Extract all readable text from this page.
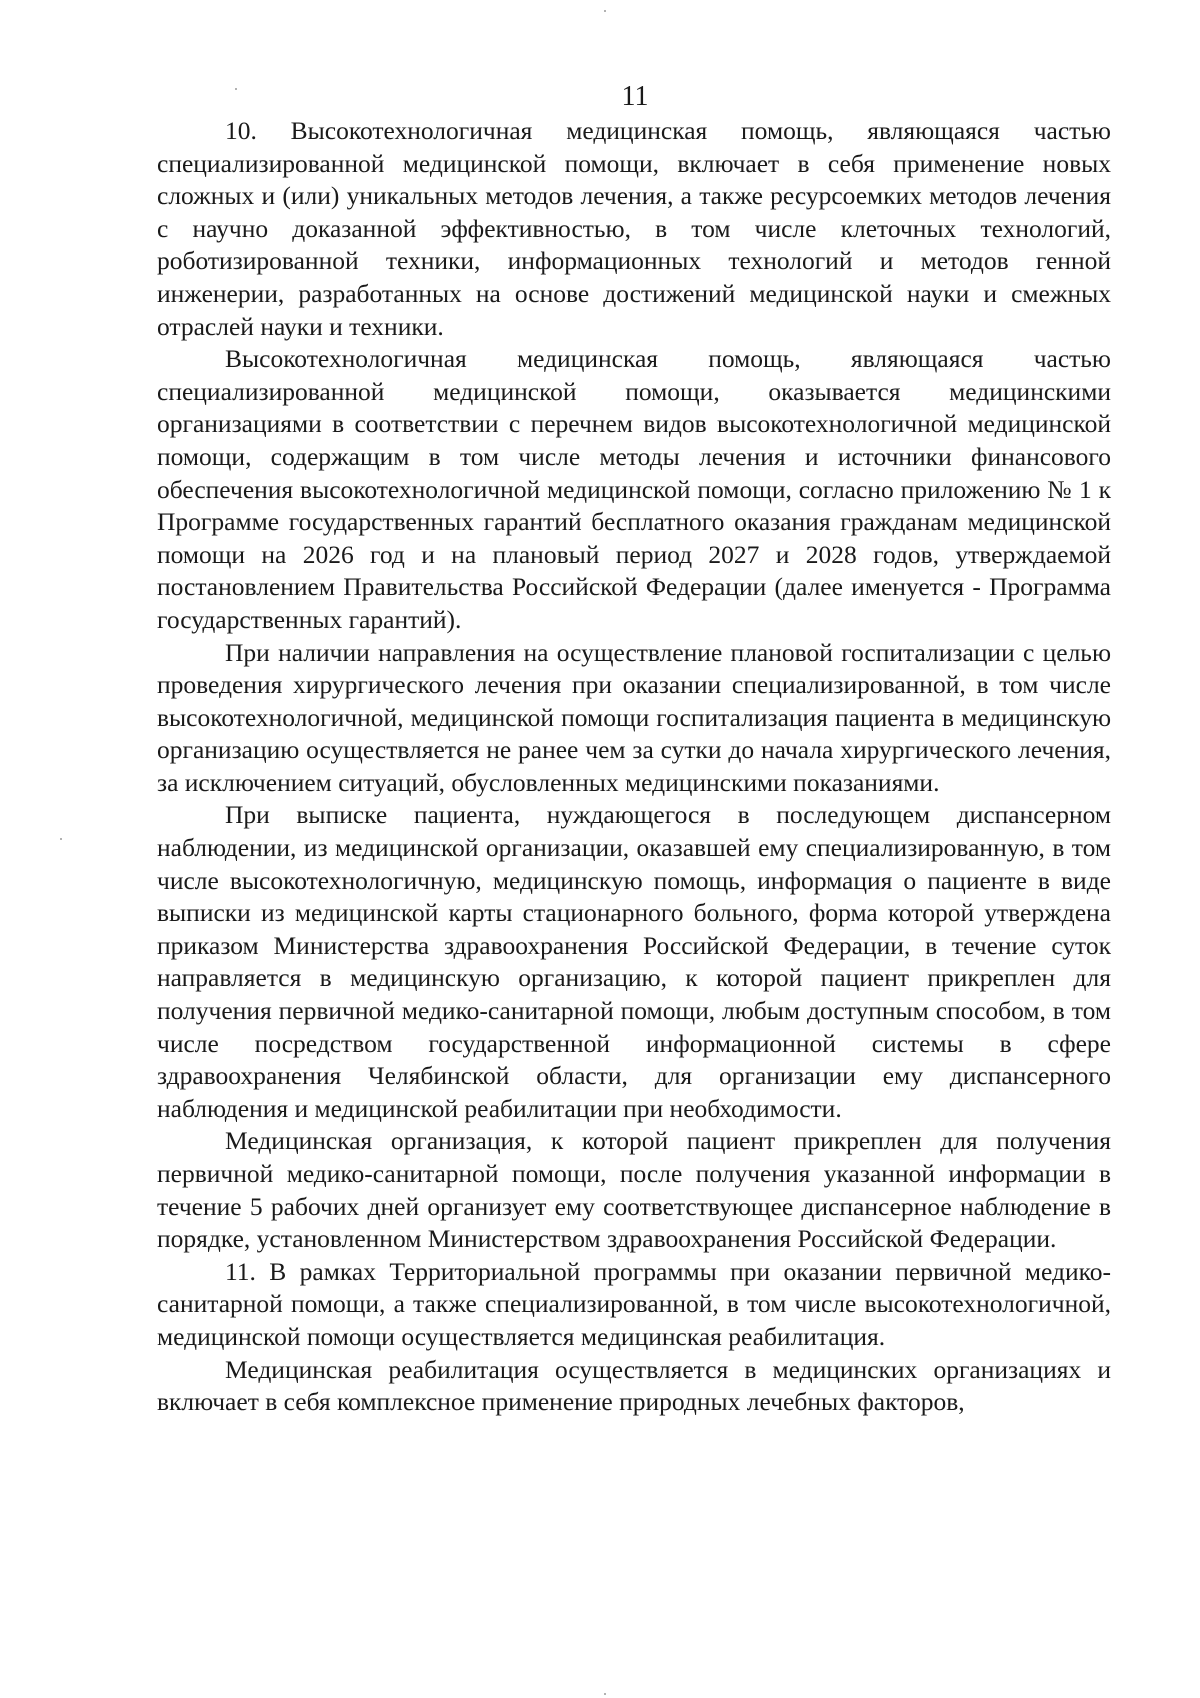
11

10. Высокотехнологичная медицинская помощь, являющаяся частью специализированной медицинской помощи, включает в себя применение новых сложных и (или) уникальных методов лечения, а также ресурсоемких методов лечения с научно доказанной эффективностью, в том числе клеточных технологий, роботизированной техники, информационных технологий и методов генной инженерии, разработанных на основе достижений медицинской науки и смежных отраслей науки и техники.

Высокотехнологичная медицинская помощь, являющаяся частью специализированной медицинской помощи, оказывается медицинскими организациями в соответствии с перечнем видов высокотехнологичной медицинской помощи, содержащим в том числе методы лечения и источники финансового обеспечения высокотехнологичной медицинской помощи, согласно приложению № 1 к Программе государственных гарантий бесплатного оказания гражданам медицинской помощи на 2026 год и на плановый период 2027 и 2028 годов, утверждаемой постановлением Правительства Российской Федерации (далее именуется - Программа государственных гарантий).

При наличии направления на осуществление плановой госпитализации с целью проведения хирургического лечения при оказании специализированной, в том числе высокотехнологичной, медицинской помощи госпитализация пациента в медицинскую организацию осуществляется не ранее чем за сутки до начала хирургического лечения, за исключением ситуаций, обусловленных медицинскими показаниями.

При выписке пациента, нуждающегося в последующем диспансерном наблюдении, из медицинской организации, оказавшей ему специализированную, в том числе высокотехнологичную, медицинскую помощь, информация о пациенте в виде выписки из медицинской карты стационарного больного, форма которой утверждена приказом Министерства здравоохранения Российской Федерации, в течение суток направляется в медицинскую организацию, к которой пациент прикреплен для получения первичной медико-санитарной помощи, любым доступным способом, в том числе посредством государственной информационной системы в сфере здравоохранения Челябинской области, для организации ему диспансерного наблюдения и медицинской реабилитации при необходимости.

Медицинская организация, к которой пациент прикреплен для получения первичной медико-санитарной помощи, после получения указанной информации в течение 5 рабочих дней организует ему соответствующее диспансерное наблюдение в порядке, установленном Министерством здравоохранения Российской Федерации.

11. В рамках Территориальной программы при оказании первичной медико-санитарной помощи, а также специализированной, в том числе высокотехнологичной, медицинской помощи осуществляется медицинская реабилитация.

Медицинская реабилитация осуществляется в медицинских организациях и включает в себя комплексное применение природных лечебных факторов,
